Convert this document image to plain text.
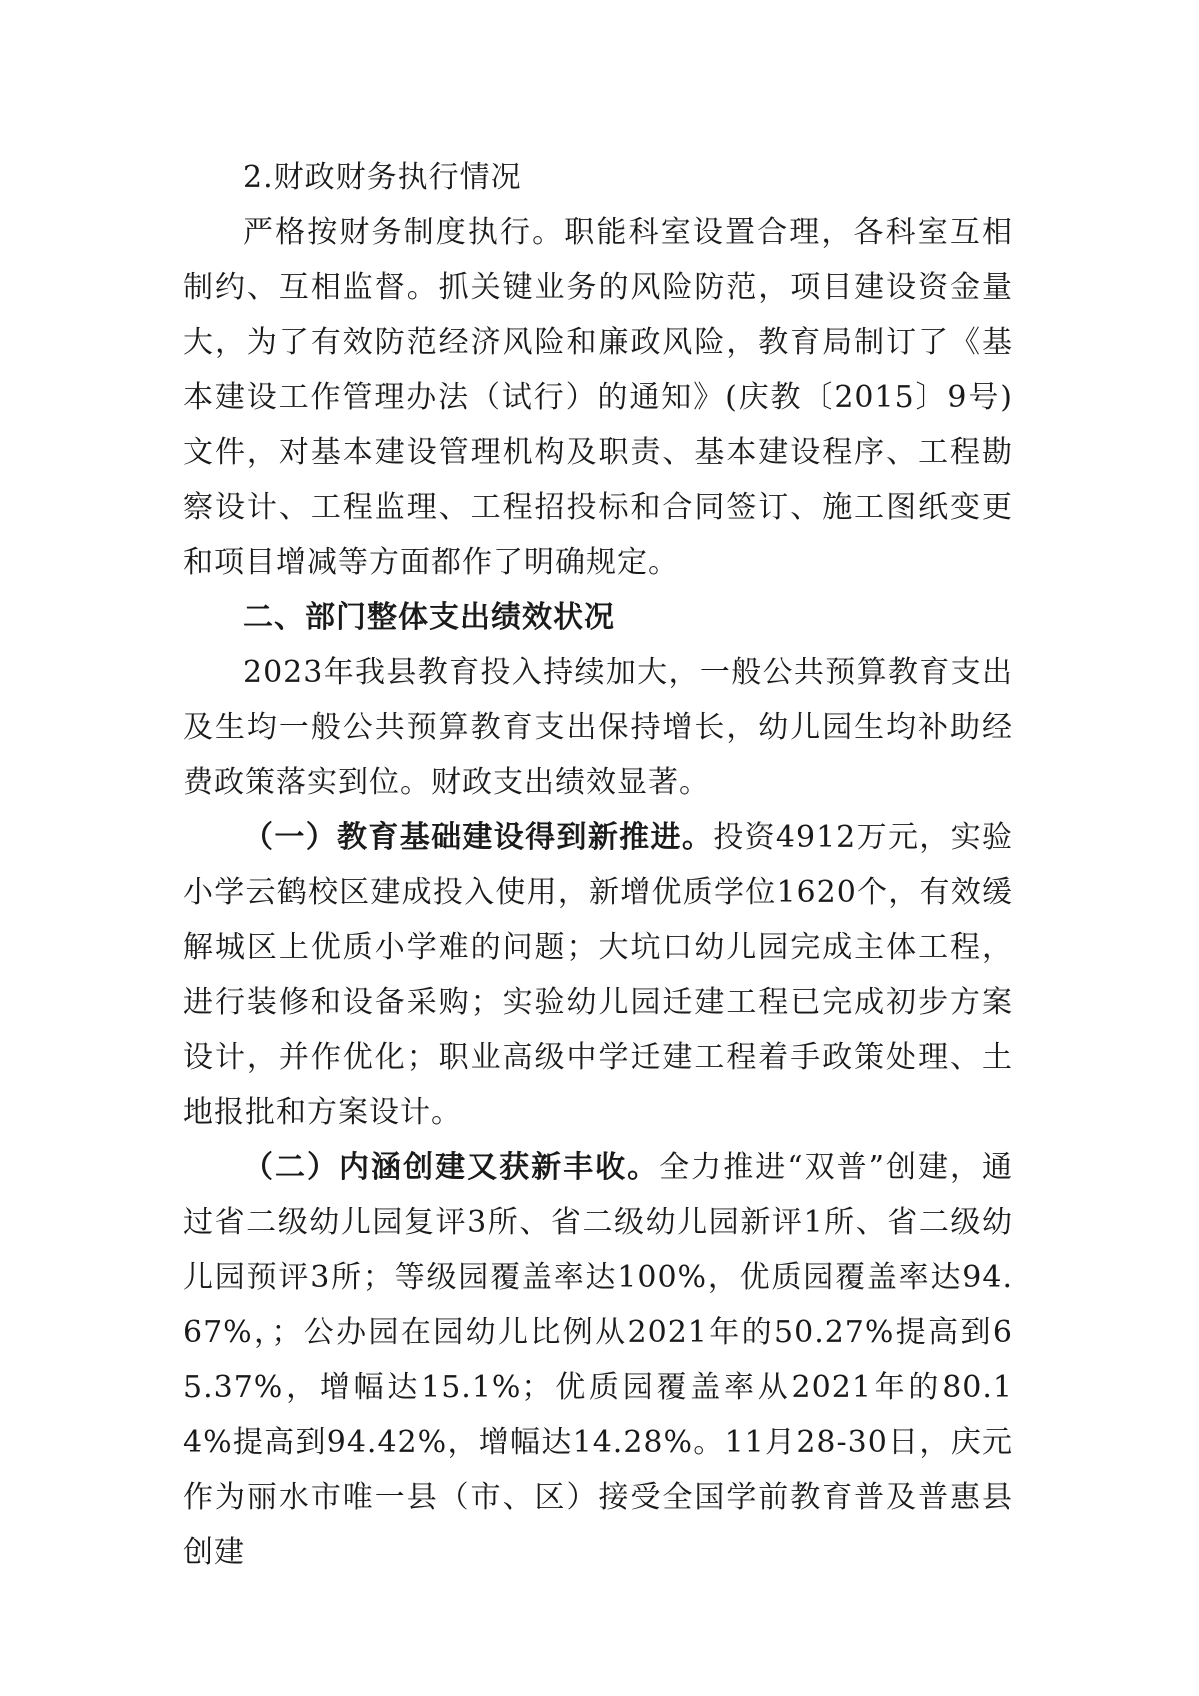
2.财政财务执行情况

严格按财务制度执行。职能科室设置合理，各科室互相制约、互相监督。抓关键业务的风险防范，项目建设资金量大，为了有效防范经济风险和廉政风险，教育局制订了《基本建设工作管理办法（试行）的通知》(庆教〔2015〕9号)文件，对基本建设管理机构及职责、基本建设程序、工程勘察设计、工程监理、工程招投标和合同签订、施工图纸变更和项目增减等方面都作了明确规定。

二、部门整体支出绩效状况

2023年我县教育投入持续加大，一般公共预算教育支出及生均一般公共预算教育支出保持增长，幼儿园生均补助经费政策落实到位。财政支出绩效显著。

（一）教育基础建设得到新推进。投资4912万元，实验小学云鹤校区建成投入使用，新增优质学位1620个，有效缓解城区上优质小学难的问题；大坑口幼儿园完成主体工程，进行装修和设备采购；实验幼儿园迁建工程已完成初步方案设计，并作优化；职业高级中学迁建工程着手政策处理、土地报批和方案设计。

（二）内涵创建又获新丰收。全力推进“双普”创建，通过省二级幼儿园复评3所、省二级幼儿园新评1所、省二级幼儿园预评3所；等级园覆盖率达100%，优质园覆盖率达94.67%，；公办园在园幼儿比例从2021年的50.27%提高到65.37%，增幅达15.1%；优质园覆盖率从2021年的80.14%提高到94.42%，增幅达14.28%。11月28-30日，庆元作为丽水市唯一县（市、区）接受全国学前教育普及普惠县创建
